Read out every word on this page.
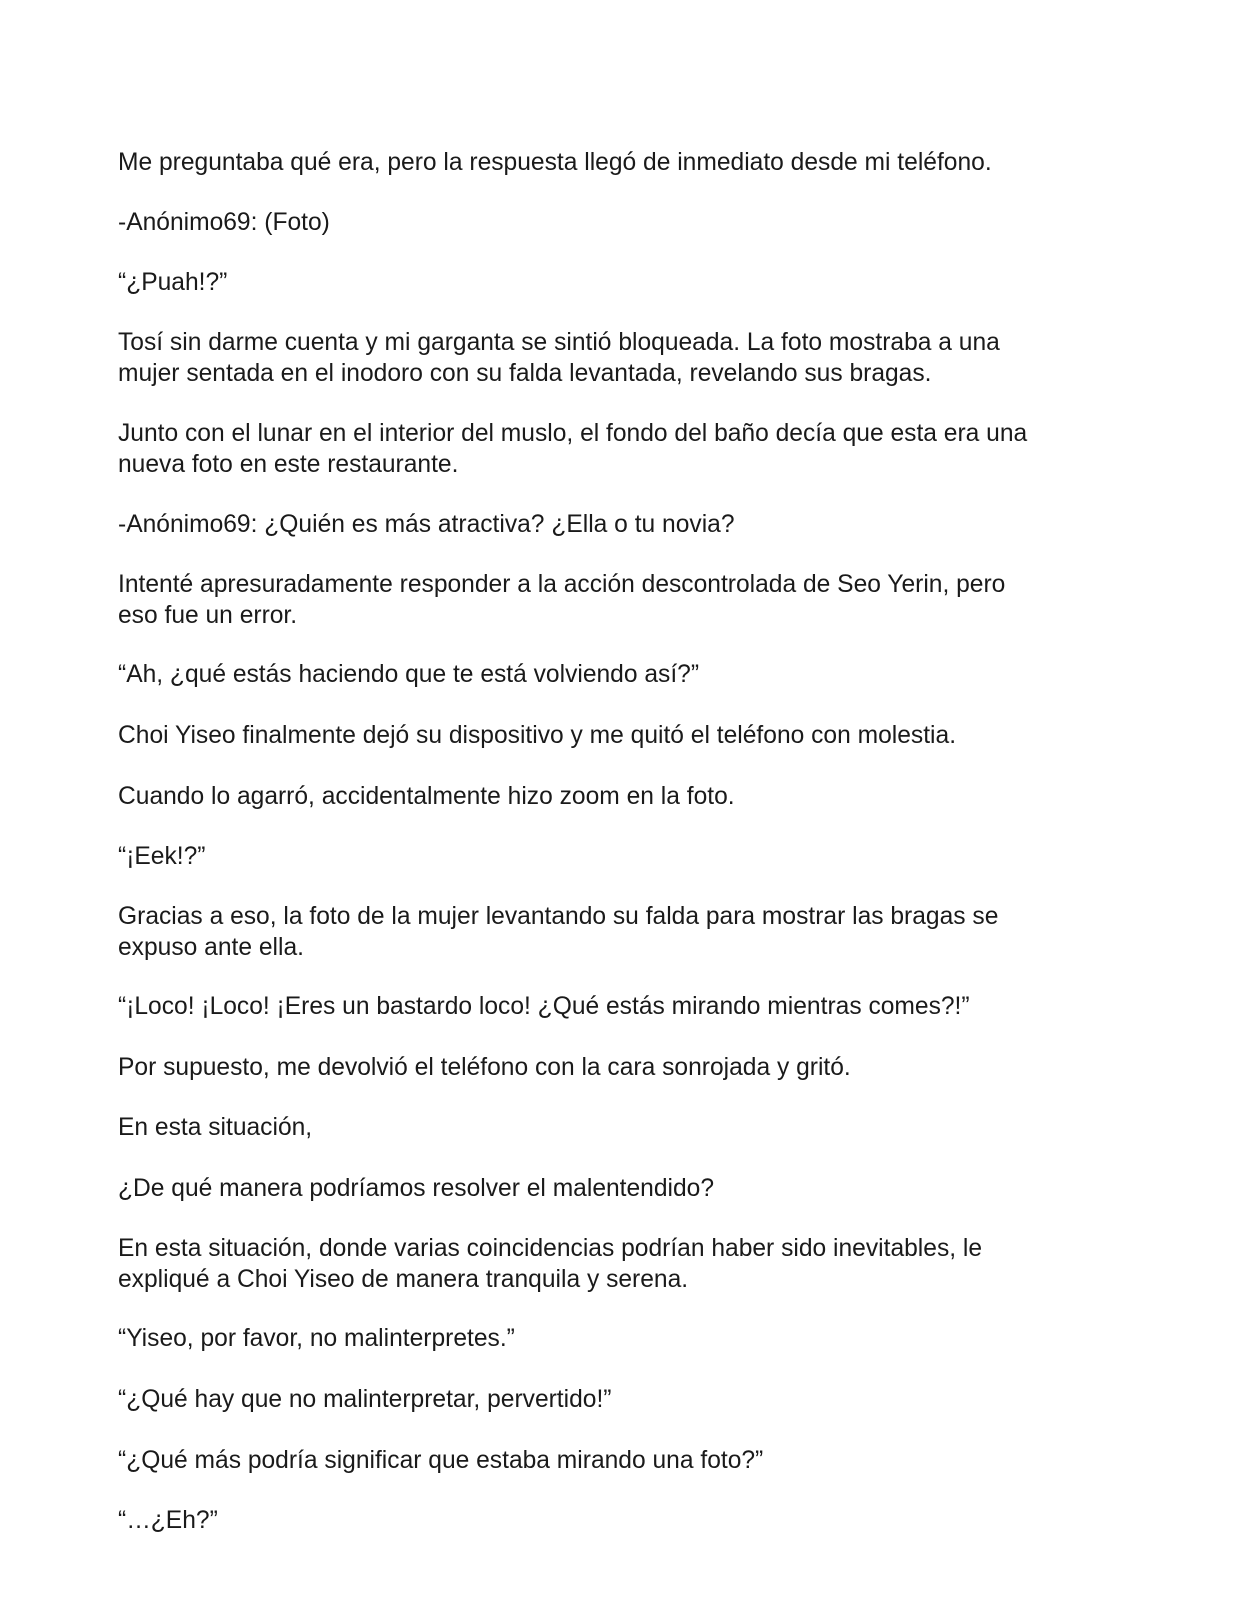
Me preguntaba qué era, pero la respuesta llegó de inmediato desde mi teléfono.

-Anónimo69: (Foto)

“¿Puah!?”

Tosí sin darme cuenta y mi garganta se sintió bloqueada. La foto mostraba a una
mujer sentada en el inodoro con su falda levantada, revelando sus bragas.

Junto con el lunar en el interior del muslo, el fondo del baño decía que esta era una
nueva foto en este restaurante.

-Anónimo69: ¿Quién es más atractiva? ¿Ella o tu novia?

Intenté apresuradamente responder a la acción descontrolada de Seo Yerin, pero
eso fue un error.

“Ah, ¿qué estás haciendo que te está volviendo así?”

Choi Yiseo finalmente dejó su dispositivo y me quitó el teléfono con molestia.

Cuando lo agarró, accidentalmente hizo zoom en la foto.

“¡Eek!?”

Gracias a eso, la foto de la mujer levantando su falda para mostrar las bragas se
expuso ante ella.

“¡Loco! ¡Loco! ¡Eres un bastardo loco! ¿Qué estás mirando mientras comes?!”

Por supuesto, me devolvió el teléfono con la cara sonrojada y gritó.

En esta situación,

¿De qué manera podríamos resolver el malentendido?

En esta situación, donde varias coincidencias podrían haber sido inevitables, le
expliqué a Choi Yiseo de manera tranquila y serena.

“Yiseo, por favor, no malinterpretes.”

“¿Qué hay que no malinterpretar, pervertido!”

“¿Qué más podría significar que estaba mirando una foto?”

“…¿Eh?”
